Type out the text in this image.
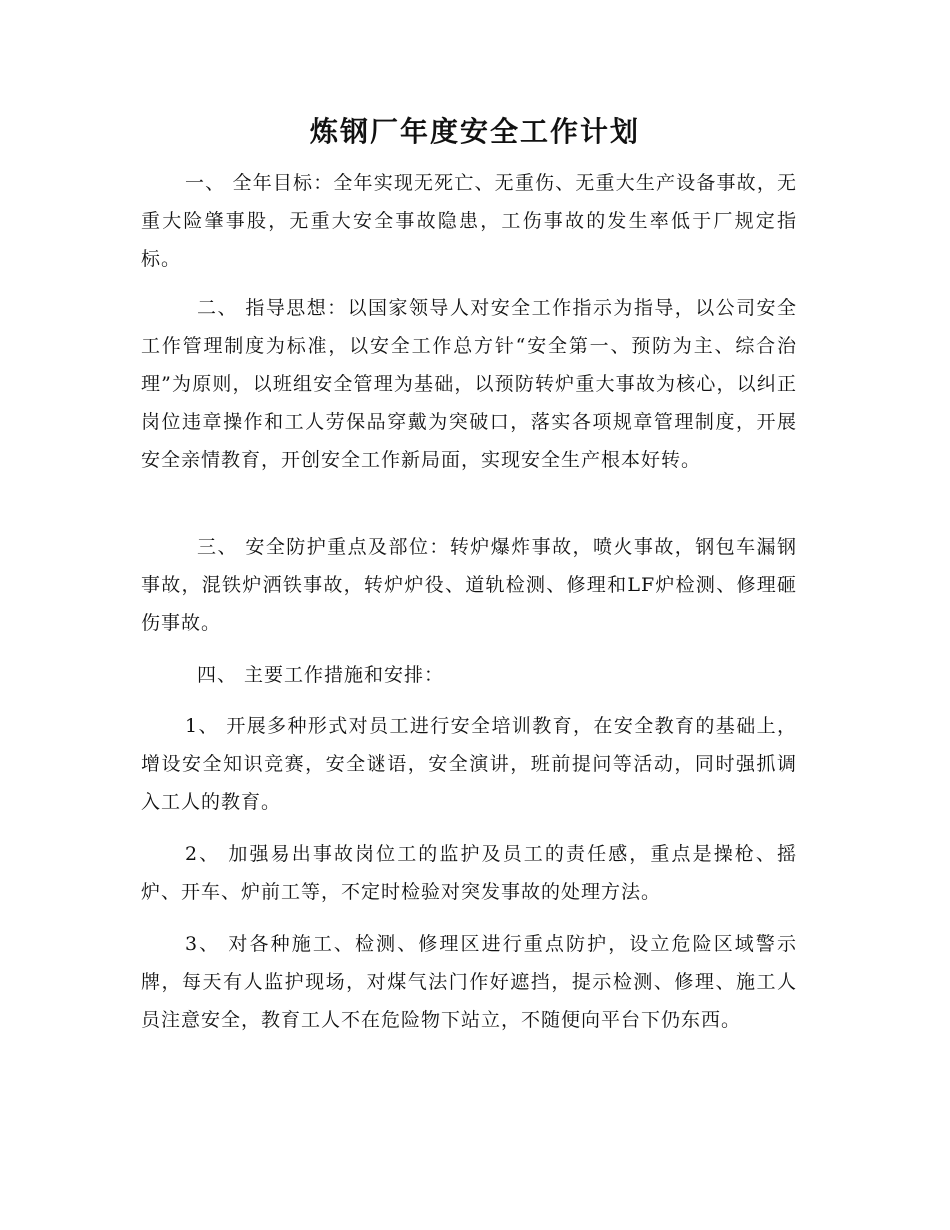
炼钢厂年度安全工作计划

一、 全年目标：全年实现无死亡、无重伤、无重大生产设备事故，无重大险肇事股，无重大安全事故隐患，工伤事故的发生率低于厂规定指标。

二、 指导思想：以国家领导人对安全工作指示为指导，以公司安全工作管理制度为标准，以安全工作总方针“安全第一、预防为主、综合治理”为原则，以班组安全管理为基础，以预防转炉重大事故为核心，以纠正岗位违章操作和工人劳保品穿戴为突破口，落实各项规章管理制度，开展安全亲情教育，开创安全工作新局面，实现安全生产根本好转。

三、 安全防护重点及部位：转炉爆炸事故，喷火事故，钢包车漏钢事故，混铁炉洒铁事故，转炉炉役、道轨检测、修理和LF炉检测、修理砸伤事故。

四、 主要工作措施和安排：

1、 开展多种形式对员工进行安全培训教育，在安全教育的基础上，增设安全知识竞赛，安全谜语，安全演讲，班前提问等活动，同时强抓调入工人的教育。

2、 加强易出事故岗位工的监护及员工的责任感，重点是操枪、摇炉、开车、炉前工等，不定时检验对突发事故的处理方法。

3、 对各种施工、检测、修理区进行重点防护，设立危险区域警示牌，每天有人监护现场，对煤气法门作好遮挡，提示检测、修理、施工人员注意安全，教育工人不在危险物下站立，不随便向平台下仍东西。
